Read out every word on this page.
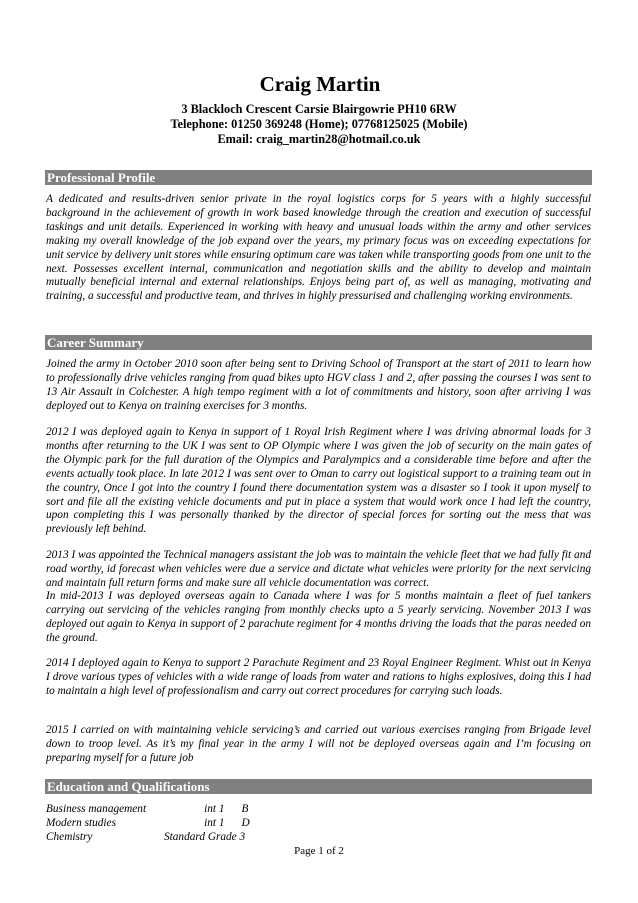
Craig Martin
3 Blackloch Crescent Carsie Blairgowrie PH10 6RW
Telephone: 01250 369248 (Home); 07768125025 (Mobile)
Email: craig_martin28@hotmail.co.uk
Professional Profile

A dedicated and results-driven senior private in the royal logistics corps for 5 years with a highly successful background in the achievement of growth in work based knowledge through the creation and execution of successful taskings and unit details. Experienced in working with heavy and unusual loads within the army and other services making my overall knowledge of the job expand over the years, my primary focus was on exceeding expectations for unit service by delivery unit stores while ensuring optimum care was taken while transporting goods from one unit to the next. Possesses excellent internal, communication and negotiation skills and the ability to develop and maintain mutually beneficial internal and external relationships. Enjoys being part of, as well as managing, motivating and training, a successful and productive team, and thrives in highly pressurised and challenging working environments.

Career Summary

Joined the army in October 2010 soon after being sent to Driving School of Transport at the start of 2011 to learn how to professionally drive vehicles ranging from quad bikes upto HGV class 1 and 2, after passing the courses I was sent to 13 Air Assault in Colchester. A high tempo regiment with a lot of commitments and history, soon after arriving I was deployed out to Kenya on training exercises for 3 months.

2012 I was deployed again to Kenya in support of 1 Royal Irish Regiment where I was driving abnormal loads for 3 months after returning to the UK I was sent to OP Olympic where I was given the job of security on the main gates of the Olympic park for the full duration of the Olympics and Paralympics and a considerable time before and after the events actually took place. In late 2012 I was sent over to Oman to carry out logistical support to a training team out in the country, Once I got into the country I found there documentation system was a disaster so I took it upon myself to sort and file all the existing vehicle documents and put in place a system that would work once I had left the country, upon completing this I was personally thanked by the director of special forces for sorting out the mess that was previously left behind.

2013 I was appointed the Technical managers assistant the job was to maintain the vehicle fleet that we had fully fit and road worthy, id forecast when vehicles were due a service and dictate what vehicles were priority for the next servicing and maintain full return forms and make sure all vehicle documentation was correct.

In mid-2013 I was deployed overseas again to Canada where I was for 5 months maintain a fleet of fuel tankers carrying out servicing of the vehicles ranging from monthly checks upto a 5 yearly servicing. November 2013 I was deployed out again to Kenya in support of 2 parachute regiment for 4 months driving the loads that the paras needed on the ground.

2014 I deployed again to Kenya to support 2 Parachute Regiment and 23 Royal Engineer Regiment. Whist out in Kenya I drove various types of vehicles with a wide range of loads from water and rations to highs explosives, doing this I had to maintain a high level of professionalism and carry out correct procedures for carrying such loads.

2015 I carried on with maintaining vehicle servicing’s and carried out various exercises ranging from Brigade level down to troop level. As it’s my final year in the army I will not be deployed overseas again and I’m focusing on preparing myself for a future job

Education and Qualifications
Business management	int 1      B
Modern studies	int 1      D
Chemistry	Standard Grade 3
Page 1 of 2
